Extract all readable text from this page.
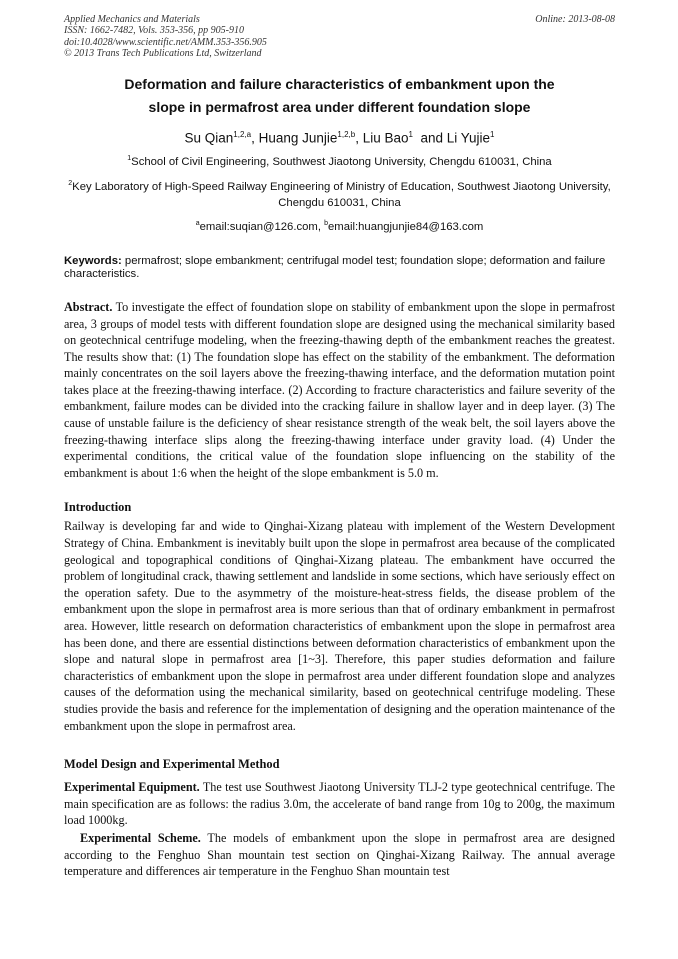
Applied Mechanics and Materials
ISSN: 1662-7482, Vols. 353-356, pp 905-910
doi:10.4028/www.scientific.net/AMM.353-356.905
© 2013 Trans Tech Publications Ltd, Switzerland
Online: 2013-08-08
Deformation and failure characteristics of embankment upon the
slope in permafrost area under different foundation slope
Su Qian$^{1,2,a}$, Huang Junjie$^{1,2,b}$, Liu Bao$^1$  and Li Yujie$^1$
$^1$School of Civil Engineering, Southwest Jiaotong University, Chengdu 610031, China
$^2$Key Laboratory of High-Speed Railway Engineering of Ministry of Education, Southwest Jiaotong University, Chengdu 610031, China
$^a$email:suqian@126.com, $^b$email:huangjunjie84@163.com
Keywords: permafrost; slope embankment; centrifugal model test; foundation slope; deformation and failure characteristics.
Abstract. To investigate the effect of foundation slope on stability of embankment upon the slope in permafrost area, 3 groups of model tests with different foundation slope are designed using the mechanical similarity based on geotechnical centrifuge modeling, when the freezing-thawing depth of the embankment reaches the greatest. The results show that: (1) The foundation slope has effect on the stability of the embankment. The deformation mainly concentrates on the soil layers above the freezing-thawing interface, and the deformation mutation point takes place at the freezing-thawing interface. (2) According to fracture characteristics and failure severity of the embankment, failure modes can be divided into the cracking failure in shallow layer and in deep layer. (3) The cause of unstable failure is the deficiency of shear resistance strength of the weak belt, the soil layers above the freezing-thawing interface slips along the freezing-thawing interface under gravity load. (4) Under the experimental conditions, the critical value of the foundation slope influencing on the stability of the embankment is about 1:6 when the height of the slope embankment is 5.0 m.
Introduction
Railway is developing far and wide to Qinghai-Xizang plateau with implement of the Western Development Strategy of China. Embankment is inevitably built upon the slope in permafrost area because of the complicated geological and topographical conditions of Qinghai-Xizang plateau. The embankment have occurred the problem of longitudinal crack, thawing settlement and landslide in some sections, which have seriously effect on the operation safety. Due to the asymmetry of the moisture-heat-stress fields, the disease problem of the embankment upon the slope in permafrost area is more serious than that of ordinary embankment in permafrost area. However, little research on deformation characteristics of embankment upon the slope in permafrost area has been done, and there are essential distinctions between deformation characteristics of embankment upon the slope and natural slope in permafrost area [1~3]. Therefore, this paper studies deformation and failure characteristics of embankment upon the slope in permafrost area under different foundation slope and analyzes causes of the deformation using the mechanical similarity, based on geotechnical centrifuge modeling. These studies provide the basis and reference for the implementation of designing and the operation maintenance of the embankment upon the slope in permafrost area.
Model Design and Experimental Method
Experimental Equipment. The test use Southwest Jiaotong University TLJ-2 type geotechnical centrifuge. The main specification are as follows: the radius 3.0m, the accelerate of band range from 10g to 200g, the maximum load 1000kg.
Experimental Scheme. The models of embankment upon the slope in permafrost area are designed according to the Fenghuo Shan mountain test section on Qinghai-Xizang Railway. The annual average temperature and differences air temperature in the Fenghuo Shan mountain test
